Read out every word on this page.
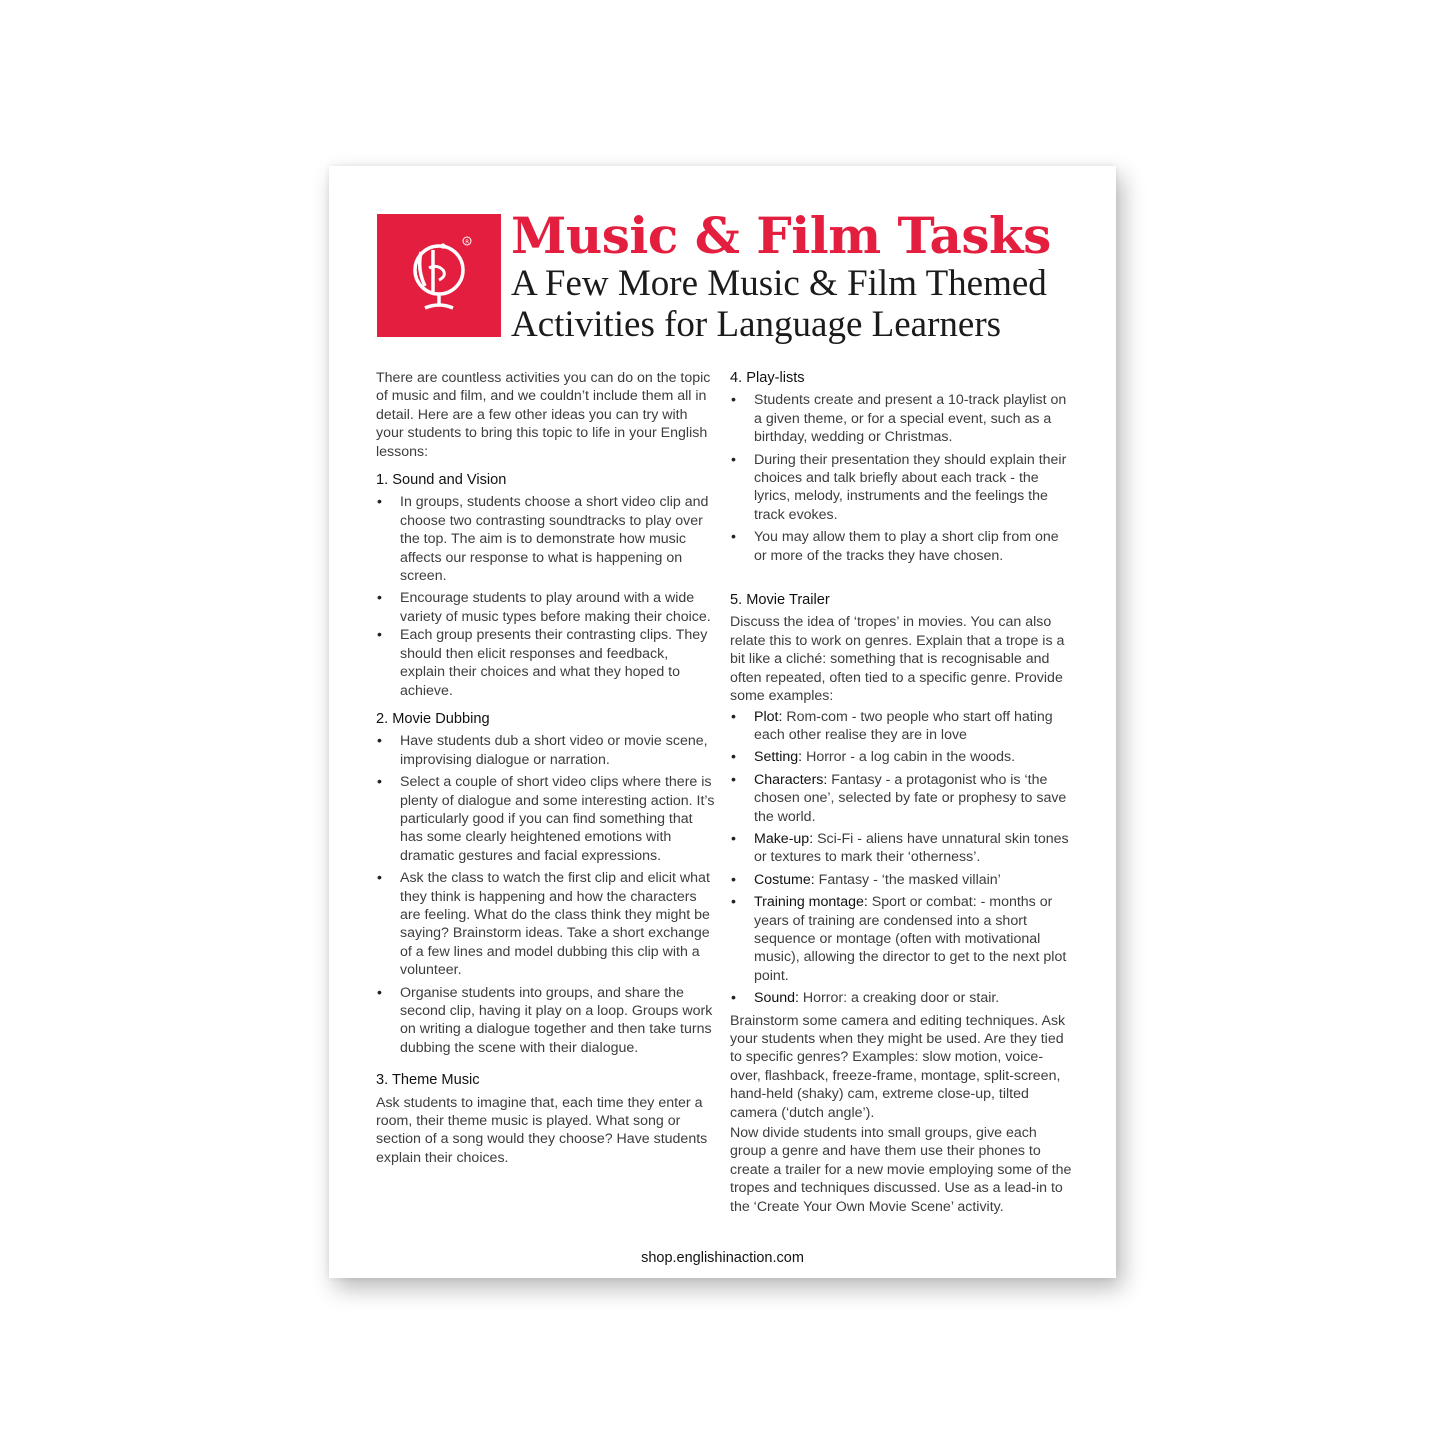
R Music & Film Tasks
A Few More Music & Film Themed
Activities for Language Learners

There are countless activities you can do on the topic of music and film, and we couldn’t include them all in detail. Here are a few other ideas you can try with your students to bring this topic to life in your English lessons:

1. Sound and Vision
• In groups, students choose a short video clip and choose two contrasting soundtracks to play over the top. The aim is to demonstrate how music affects our response to what is happening on screen.
• Encourage students to play around with a wide variety of music types before making their choice.
• Each group presents their contrasting clips. They should then elicit responses and feedback, explain their choices and what they hoped to achieve.
2. Movie Dubbing
• Have students dub a short video or movie scene, improvising dialogue or narration.
• Select a couple of short video clips where there is plenty of dialogue and some interesting action. It’s particularly good if you can find something that has some clearly heightened emotions with dramatic gestures and facial expressions.
• Ask the class to watch the first clip and elicit what they think is happening and how the characters are feeling. What do the class think they might be saying? Brainstorm ideas. Take a short exchange of a few lines and model dubbing this clip with a volunteer.
• Organise students into groups, and share the second clip, having it play on a loop. Groups work on writing a dialogue together and then take turns dubbing the scene with their dialogue.
3. Theme Music

Ask students to imagine that, each time they enter a room, their theme music is played. What song or section of a song would they choose? Have students explain their choices.

4. Play-lists
• Students create and present a 10-track playlist on a given theme, or for a special event, such as a birthday, wedding or Christmas.
• During their presentation they should explain their choices and talk briefly about each track - the lyrics, melody, instruments and the feelings the track evokes.
• You may allow them to play a short clip from one or more of the tracks they have chosen.
5. Movie Trailer

Discuss the idea of ‘tropes’ in movies. You can also relate this to work on genres. Explain that a trope is a bit like a cliché: something that is recognisable and often repeated, often tied to a specific genre. Provide some examples:

• Plot: Rom-com - two people who start off hating each other realise they are in love
• Setting: Horror - a log cabin in the woods.
• Characters: Fantasy - a protagonist who is ‘the chosen one’, selected by fate or prophesy to save the world.
• Make-up: Sci-Fi - aliens have unnatural skin tones or textures to mark their ‘otherness’.
• Costume: Fantasy - ‘the masked villain’
• Training montage: Sport or combat: - months or years of training are condensed into a short sequence or montage (often with motivational music), allowing the director to get to the next plot point.
• Sound: Horror: a creaking door or stair.

Brainstorm some camera and editing techniques. Ask your students when they might be used. Are they tied to specific genres? Examples: slow motion, voice-over, flashback, freeze-frame, montage, split-screen, hand-held (shaky) cam, extreme close-up, tilted camera (‘dutch angle’).

Now divide students into small groups, give each group a genre and have them use their phones to create a trailer for a new movie employing some of the tropes and techniques discussed. Use as a lead-in to the ‘Create Your Own Movie Scene’ activity.

shop.englishinaction.com
